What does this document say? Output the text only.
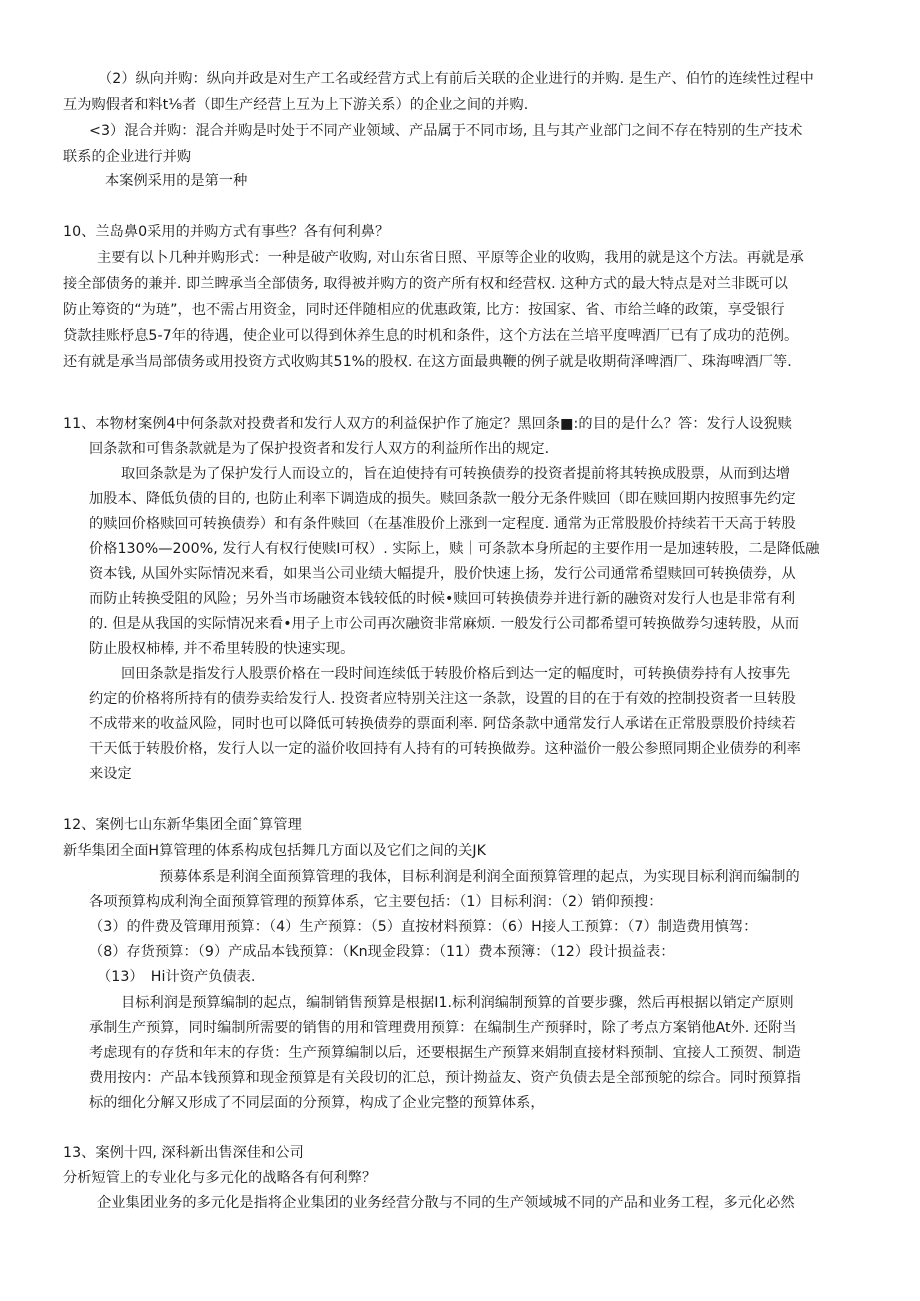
（2）纵向并购：纵向并政是对生产工名或经营方式上有前后关联的企业进行的并购. 是生产、伯竹的连续性过程中
互为购假者和料t⅛者（即生产经营上互为上下游关系）的企业之间的并购.
<3）混合并购：混合并购是吋处于不同产业领域、产品属于不同市场, 且与其产业部门之间不存在特别的生产技术
联系的企业进行并购
本案例采用的是第一种
10、兰岛鼻0采用的并购方式有事些？各有何利鼻？
主要有以卜几种并购形式：一种是破产收购, 对山东省日照、平原等企业的收购，我用的就是这个方法。再就是承
接全部债务的兼并. 即兰睥承当全部债务, 取得被并购方的资产所有权和经营权. 这种方式的最大特点是对兰非既可以
防止筹资的“为琏”，也不需占用资金，同时还伴随相应的优惠政策, 比方：按国家、省、市给兰峰的政策，享受银行
贷款挂账杼息5-7年的待遇，使企业可以得到休养生息的时机和条件，这个方法在兰培平度啤酒厂已有了成功的范例。
还有就是承当局部债务或用投资方式收购其51%的股权. 在这方面最典鞭的例子就是收期荷泽啤酒厂、珠海啤酒厂等.
11、本物材案例4中何条款对投费者和发行人双方的利益保护作了施定？黑回条■:的目的是什么？答：发行人设猊赎
回条款和可售条款就是为了保护投资者和发行人双方的利益所作出的规定.
取回条款是为了保护发行人而设立的，旨在迫使持有可转换债券的投资者提前将其转换成股票，从而到达增
加股本、降低负债的目的, 也防止利率下调造成的损失。赎回条款一般分无条件赎回（即在赎回期内按照事先约定
的赎回价格赎回可转换债券）和有条件赎回（在基准股价上涨到一定程度. 通常为正常股股价持续若干天高于转股
价格130%—200%, 发行人有权行使赎I可权）. 实际上，赎｜可条款本身所起的主要作用一是加速转股，二是降低融
资本钱, 从国外实际情况来看，如果当公司业绩大幅提升，股价快速上扬，发行公司通常希望赎回可转换债券，从
而防止转换受阻的风险；另外当市场融资本钱较低的时候•赎回可转换债券并进行新的融资对发行人也是非常有利
的. 但是从我国的实际情况来看•用子上市公司再次融资非常麻烦. 一般发行公司都希望可转换做券匀速转股，从而
防止股权柿棒, 并不希里转股的快速实现。
回田条款是指发行人股票价格在一段时间连续低于转股价格后到达一定的幅度时，可转换债券持有人按事先
约定的价格将所持有的债券卖给发行人. 投资者应特别关注这一条款，设置的目的在于有效的控制投资者一旦转股
不成带来的收益风险，同时也可以降低可转换债券的票面利率. 阿岱条款中通常发行人承诺在正常股票股价持续若
干天低于转股价格，发行人以一定的溢价收回持有人持有的可转换做券。这种溢价一般公参照同期企业债券的利率
来设定
12、案例七山东新华集团全面ˆ算管理
新华集团全面H算管理的体系构成包括舞几方面以及它们之间的关JK
预募体系是利润全面预算管理的我体，目标利润是利润全面预算管理的起点，为实现目标利润而编制的
各项预算构成利洵全面预算管理的预算体系，它主要包括：（1）目标利润：（2）销仰预搜：
（3）的件费及管琿用预算：（4）生产预算：（5）直按材料预算：（6）H接人工预算：（7）制造费用慎驾：
（8）存货预算：（9）产成品本钱预算：（Kn现金段算：（11）费本预簿：（12）段计损益表：
（13）　Hi计资产负债表.
目标利润是预算编制的起点，编制销售预算是根据I1.标利润编制预算的首要步骤，然后再根据以销定产原则
承制生产预算，同时编制所需要的销售的用和管理费用预算：在编制生产预驿时，除了考点方案销他At外. 还附当
考虑现有的存货和年末的存货：生产预算编制以后，还要根据生产预算来娟制直接材料预制、宜接人工预贺、制造
费用按内：产品本钱预算和现金预算是有关段切的汇总，预计拗益友、资产负债去是全部预鸵的综合。同时预算指
标的细化分解又形成了不同层面的分预算，构成了企业完整的预算体系，
13、案例十四, 深科新出售深佳和公司
分析短管上的专业化与多元化的战略各有何利弊？
企业集团业务的多元化是指将企业集团的业务经营分散与不同的生产领域城不同的产品和业务工程，多元化必然
